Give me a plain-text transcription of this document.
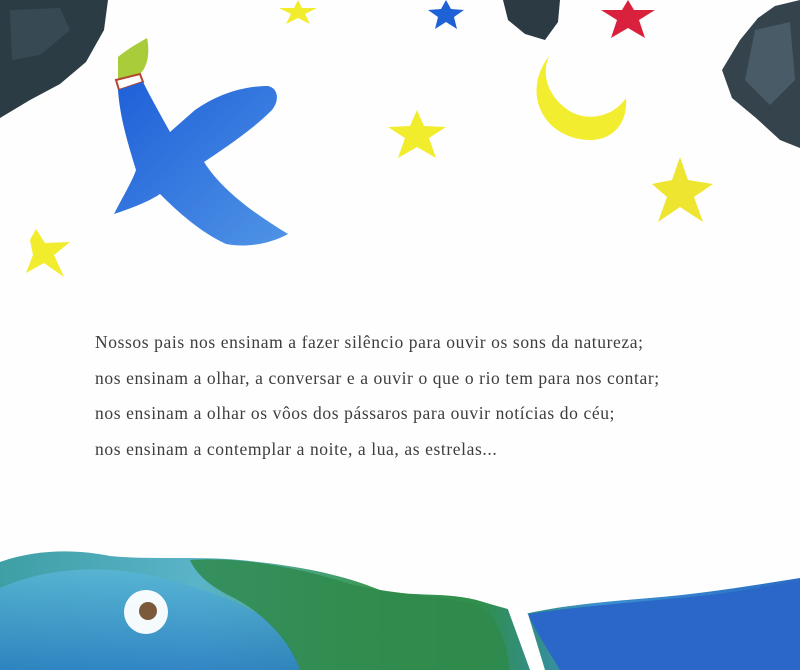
Nossos pais nos ensinam a fazer silêncio para ouvir os sons da natureza;
nos ensinam a olhar, a conversar e a ouvir o que o rio tem para nos contar;
nos ensinam a olhar os vôos dos pássaros para ouvir notícias do céu;
nos ensinam a contemplar a noite, a lua, as estrelas...
